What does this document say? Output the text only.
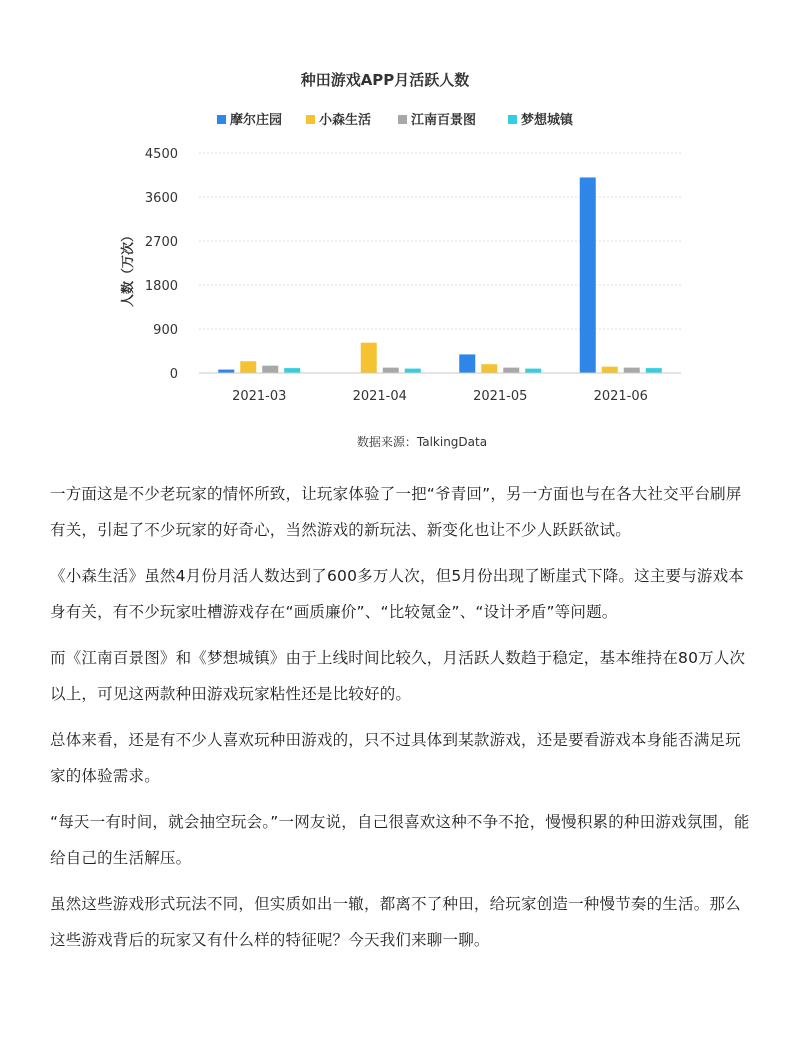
种田游戏APP月活跃人数
摩尔庄园	小森生活	江南百景图	梦想城镇
0
900
1800
2700
3600
4500
2021-03	2021-04	2021-05	2021-06
人数（万次）
数据来源：TalkingData

一方面这是不少老玩家的情怀所致，让玩家体验了一把“爷青回”，另一方面也与在各大社交平台刷屏有关，引起了不少玩家的好奇心，当然游戏的新玩法、新变化也让不少人跃跃欲试。

《小森生活》虽然4月份月活人数达到了600多万人次，但5月份出现了断崖式下降。这主要与游戏本身有关，有不少玩家吐槽游戏存在“画质廉价”、“比较氪金”、“设计矛盾”等问题。

而《江南百景图》和《梦想城镇》由于上线时间比较久，月活跃人数趋于稳定，基本维持在80万人次以上，可见这两款种田游戏玩家粘性还是比较好的。

总体来看，还是有不少人喜欢玩种田游戏的，只不过具体到某款游戏，还是要看游戏本身能否满足玩家的体验需求。

“每天一有时间，就会抽空玩会。”一网友说，自己很喜欢这种不争不抢，慢慢积累的种田游戏氛围，能给自己的生活解压。

虽然这些游戏形式玩法不同，但实质如出一辙，都离不了种田，给玩家创造一种慢节奏的生活。那么这些游戏背后的玩家又有什么样的特征呢？今天我们来聊一聊。
